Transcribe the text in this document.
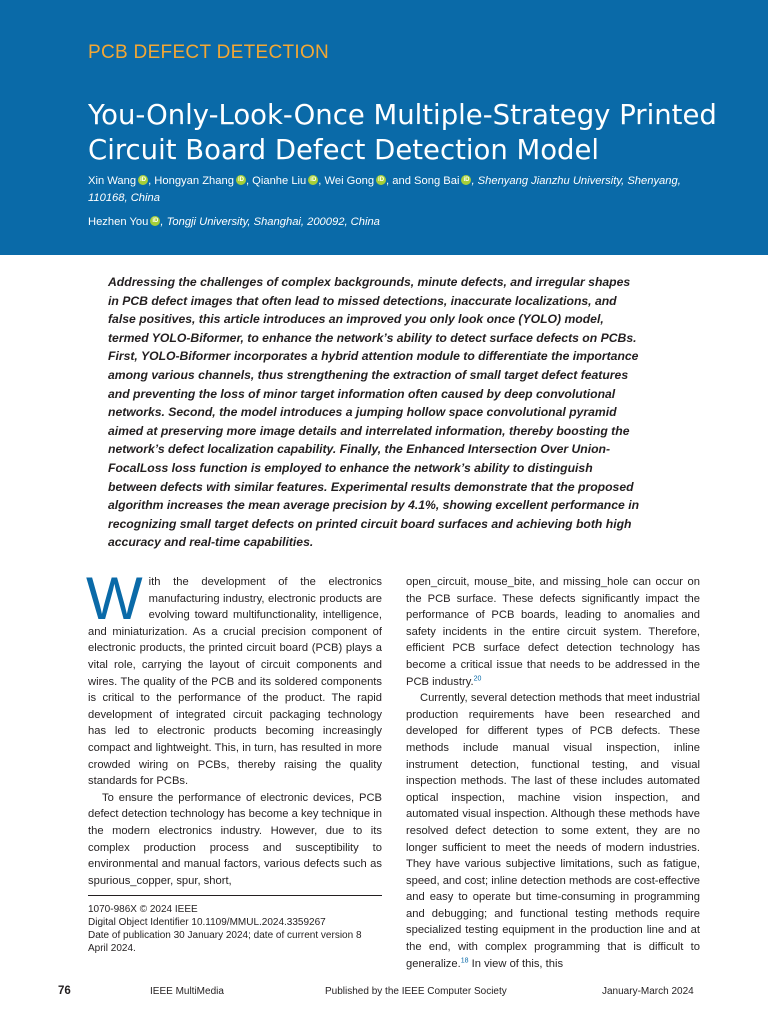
PCB DEFECT DETECTION
You-Only-Look-Once Multiple-Strategy Printed Circuit Board Defect Detection Model

Xin Wang iD , Hongyan Zhang iD , Qianhe Liu iD , Wei Gong iD , and Song Bai iD , Shenyang Jianzhu University, Shenyang, 110168, China

Hezhen You iD , Tongji University, Shanghai, 200092, China

Addressing the challenges of complex backgrounds, minute defects, and irregular shapes in PCB defect images that often lead to missed detections, inaccurate localizations, and false positives, this article introduces an improved you only look once (YOLO) model, termed YOLO-Biformer, to enhance the network’s ability to detect surface defects on PCBs. First, YOLO-Biformer incorporates a hybrid attention module to differentiate the importance among various channels, thus strengthening the extraction of small target defect features and preventing the loss of minor target information often caused by deep convolutional networks. Second, the model introduces a jumping hollow space convolutional pyramid aimed at preserving more image details and interrelated information, thereby boosting the network’s defect localization capability. Finally, the Enhanced Intersection Over Union-FocalLoss loss function is employed to enhance the network’s ability to distinguish between defects with similar features. Experimental results demonstrate that the proposed algorithm increases the mean average precision by 4.1%, showing excellent performance in recognizing small target defects on printed circuit board surfaces and achieving both high accuracy and real-time capabilities.

With the development of the electronics manufacturing industry, electronic products are evolving toward multifunctionality, intelligence, and miniaturization. As a crucial precision component of electronic products, the printed circuit board (PCB) plays a vital role, carrying the layout of circuit components and wires. The quality of the PCB and its soldered components is critical to the performance of the product. The rapid development of integrated circuit packaging technology has led to electronic products becoming increasingly compact and lightweight. This, in turn, has resulted in more crowded wiring on PCBs, thereby raising the quality standards for PCBs.

To ensure the performance of electronic devices, PCB defect detection technology has become a key technique in the modern electronics industry. However, due to its complex production process and susceptibility to environmental and manual factors, various defects such as spurious_copper, spur, short,

open_circuit, mouse_bite, and missing_hole can occur on the PCB surface. These defects significantly impact the performance of PCB boards, leading to anomalies and safety incidents in the entire circuit system. Therefore, efficient PCB surface defect detection technology has become a critical issue that needs to be addressed in the PCB industry.$^{20}$

Currently, several detection methods that meet industrial production requirements have been researched and developed for different types of PCB defects. These methods include manual visual inspection, inline instrument detection, functional testing, and visual inspection methods. The last of these includes automated optical inspection, machine vision inspection, and automated visual inspection. Although these methods have resolved defect detection to some extent, they are no longer sufficient to meet the needs of modern industries. They have various subjective limitations, such as fatigue, speed, and cost; inline detection methods are cost-effective and easy to operate but time-consuming in programming and debugging; and functional testing methods require specialized testing equipment in the production line and at the end, with complex programming that is difficult to generalize.$^{18}$ In view of this, this

1070-986X © 2024 IEEE
Digital Object Identifier 10.1109/MMUL.2024.3359267
Date of publication 30 January 2024; date of current version 8 April 2024.
76	IEEE MultiMedia	Published by the IEEE Computer Society	January-March 2024
